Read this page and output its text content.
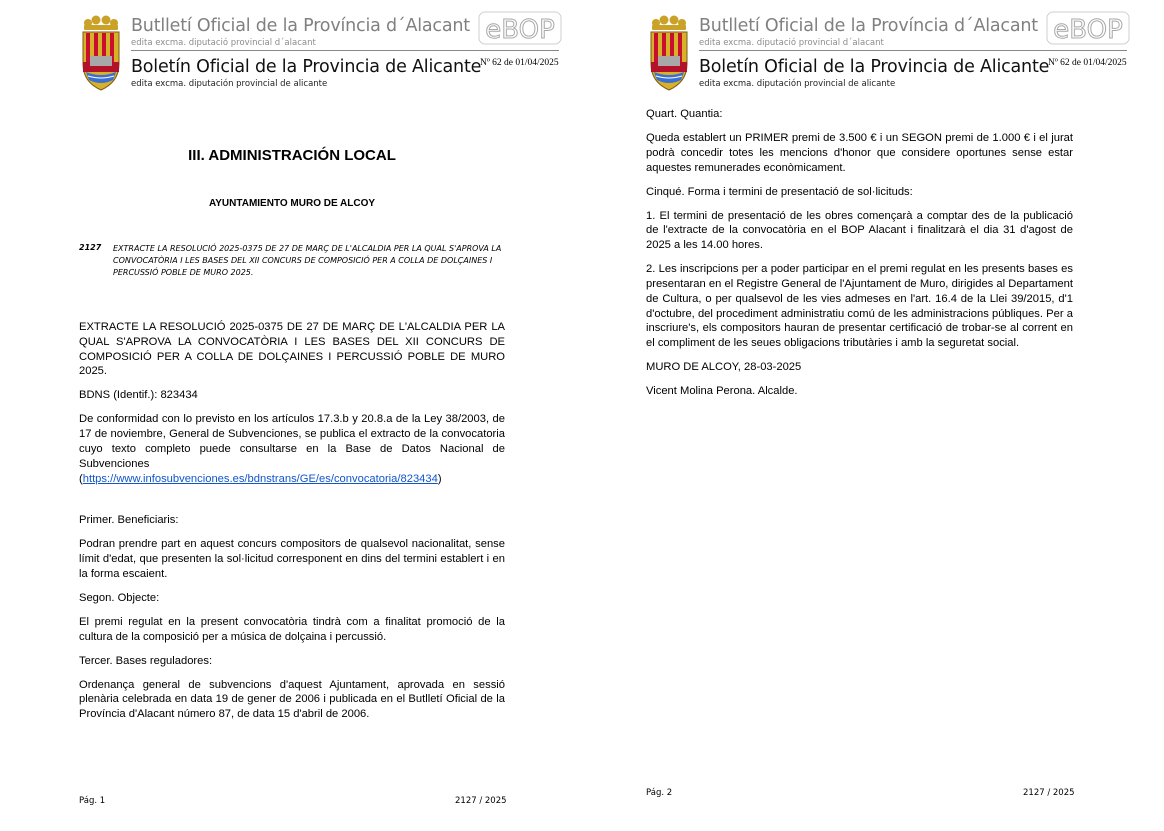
Butlletí Oficial de la Província d´Alacant
edita excma. diputació provincial d´alacant
Boletín Oficial de la Provincia de Alicante
edita excma. diputación provincial de alicante
eBOP
Nº 62 de 01/04/2025
III. ADMINISTRACIÓN LOCAL
AYUNTAMIENTO MURO DE ALCOY
2127 EXTRACTE LA RESOLUCIÓ 2025-0375 DE 27 DE MARÇ DE L'ALCALDIA PER LA QUAL S'APROVA LA CONVOCATÒRIA I LES BASES DEL XII CONCURS DE COMPOSICIÓ PER A COLLA DE DOLÇAINES I PERCUSSIÓ POBLE DE MURO 2025.

EXTRACTE LA RESOLUCIÓ 2025-0375 DE 27 DE MARÇ DE L'ALCALDIA PER LA QUAL S'APROVA LA CONVOCATÒRIA I LES BASES DEL XII CONCURS DE COMPOSICIÓ PER A COLLA DE DOLÇAINES I PERCUSSIÓ POBLE DE MURO 2025.

BDNS (Identif.): 823434

De conformidad con lo previsto en los artículos 17.3.b y 20.8.a de la Ley 38/2003, de 17 de noviembre, General de Subvenciones, se publica el extracto de la convocatoria cuyo texto completo puede consultarse en la Base de Datos Nacional de Subvenciones
(https://www.infosubvenciones.es/bdnstrans/GE/es/convocatoria/823434)

Primer. Beneficiaris:

Podran prendre part en aquest concurs compositors de qualsevol nacionalitat, sense límit d'edat, que presenten la sol·licitud corresponent en dins del termini establert i en la forma escaient.

Segon. Objecte:

El premi regulat en la present convocatòria tindrà com a finalitat promoció de la cultura de la composició per a música de dolçaina i percussió.

Tercer. Bases reguladores:

Ordenança general de subvencions d'aquest Ajuntament, aprovada en sessió plenària celebrada en data 19 de gener de 2006 i publicada en el Butlletí Oficial de la Província d'Alacant número 87, de data 15 d'abril de 2006.

Pág. 1	2127 / 2025
Butlletí Oficial de la Província d´Alacant
edita excma. diputació provincial d´alacant
Boletín Oficial de la Provincia de Alicante
edita excma. diputación provincial de alicante
eBOP
Nº 62 de 01/04/2025

Quart. Quantia:

Queda establert un PRIMER premi de 3.500 € i un SEGON premi de 1.000 € i el jurat podrà concedir totes les mencions d'honor que considere oportunes sense estar aquestes remunerades econòmicament.

Cinqué. Forma i termini de presentació de sol·licituds:

1. El termini de presentació de les obres començarà a comptar des de la publicació de l'extracte de la convocatòria en el BOP Alacant i finalitzarà el dia 31 d'agost de 2025 a les 14.00 hores.

2. Les inscripcions per a poder participar en el premi regulat en les presents bases es presentaran en el Registre General de l'Ajuntament de Muro, dirigides al Departament de Cultura, o per qualsevol de les vies admeses en l'art. 16.4 de la Llei 39/2015, d'1 d'octubre, del procediment administratiu comú de les administracions públiques. Per a inscriure's, els compositors hauran de presentar certificació de trobar-se al corrent en el compliment de les seues obligacions tributàries i amb la seguretat social.

MURO DE ALCOY, 28-03-2025

Vicent Molina Perona. Alcalde.

Pág. 2	2127 / 2025
